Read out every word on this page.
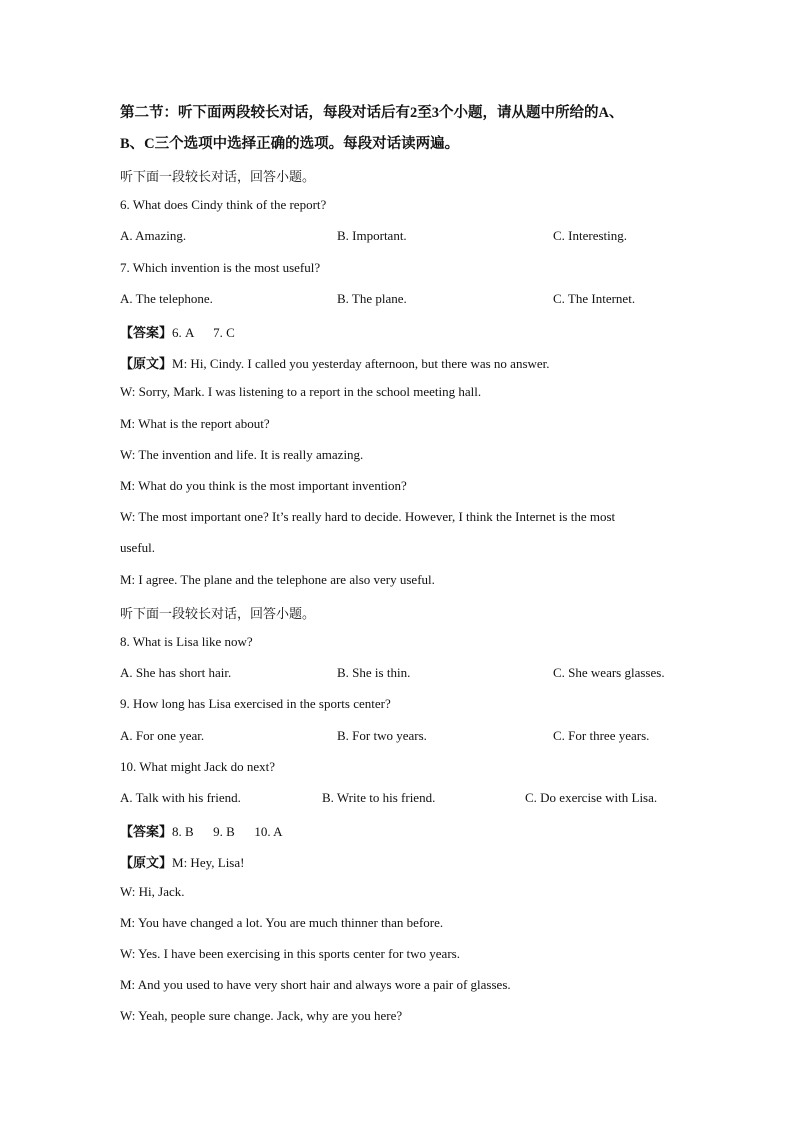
第二节：听下面两段较长对话，每段对话后有2至3个小题，请从题中所给的A、
B、C三个选项中选择正确的选项。每段对话读两遍。
听下面一段较长对话，回答小题。
6. What does Cindy think of the report?
A. Amazing.	B. Important.	C. Interesting.
7. Which invention is the most useful?
A. The telephone.	B. The plane.	C. The Internet.
【答案】6. A      7. C
【原文】M: Hi, Cindy. I called you yesterday afternoon, but there was no answer.
W: Sorry, Mark. I was listening to a report in the school meeting hall.
M: What is the report about?
W: The invention and life. It is really amazing.
M: What do you think is the most important invention?
W: The most important one? It’s really hard to decide. However, I think the Internet is the most
useful.
M: I agree. The plane and the telephone are also very useful.
听下面一段较长对话，回答小题。
8. What is Lisa like now?
A. She has short hair.	B. She is thin.	C. She wears glasses.
9. How long has Lisa exercised in the sports center?
A. For one year.	B. For two years.	C. For three years.
10. What might Jack do next?
A. Talk with his friend.	B. Write to his friend.	C. Do exercise with Lisa.
【答案】8. B      9. B      10. A
【原文】M: Hey, Lisa!
W: Hi, Jack.
M: You have changed a lot. You are much thinner than before.
W: Yes. I have been exercising in this sports center for two years.
M: And you used to have very short hair and always wore a pair of glasses.
W: Yeah, people sure change. Jack, why are you here?
